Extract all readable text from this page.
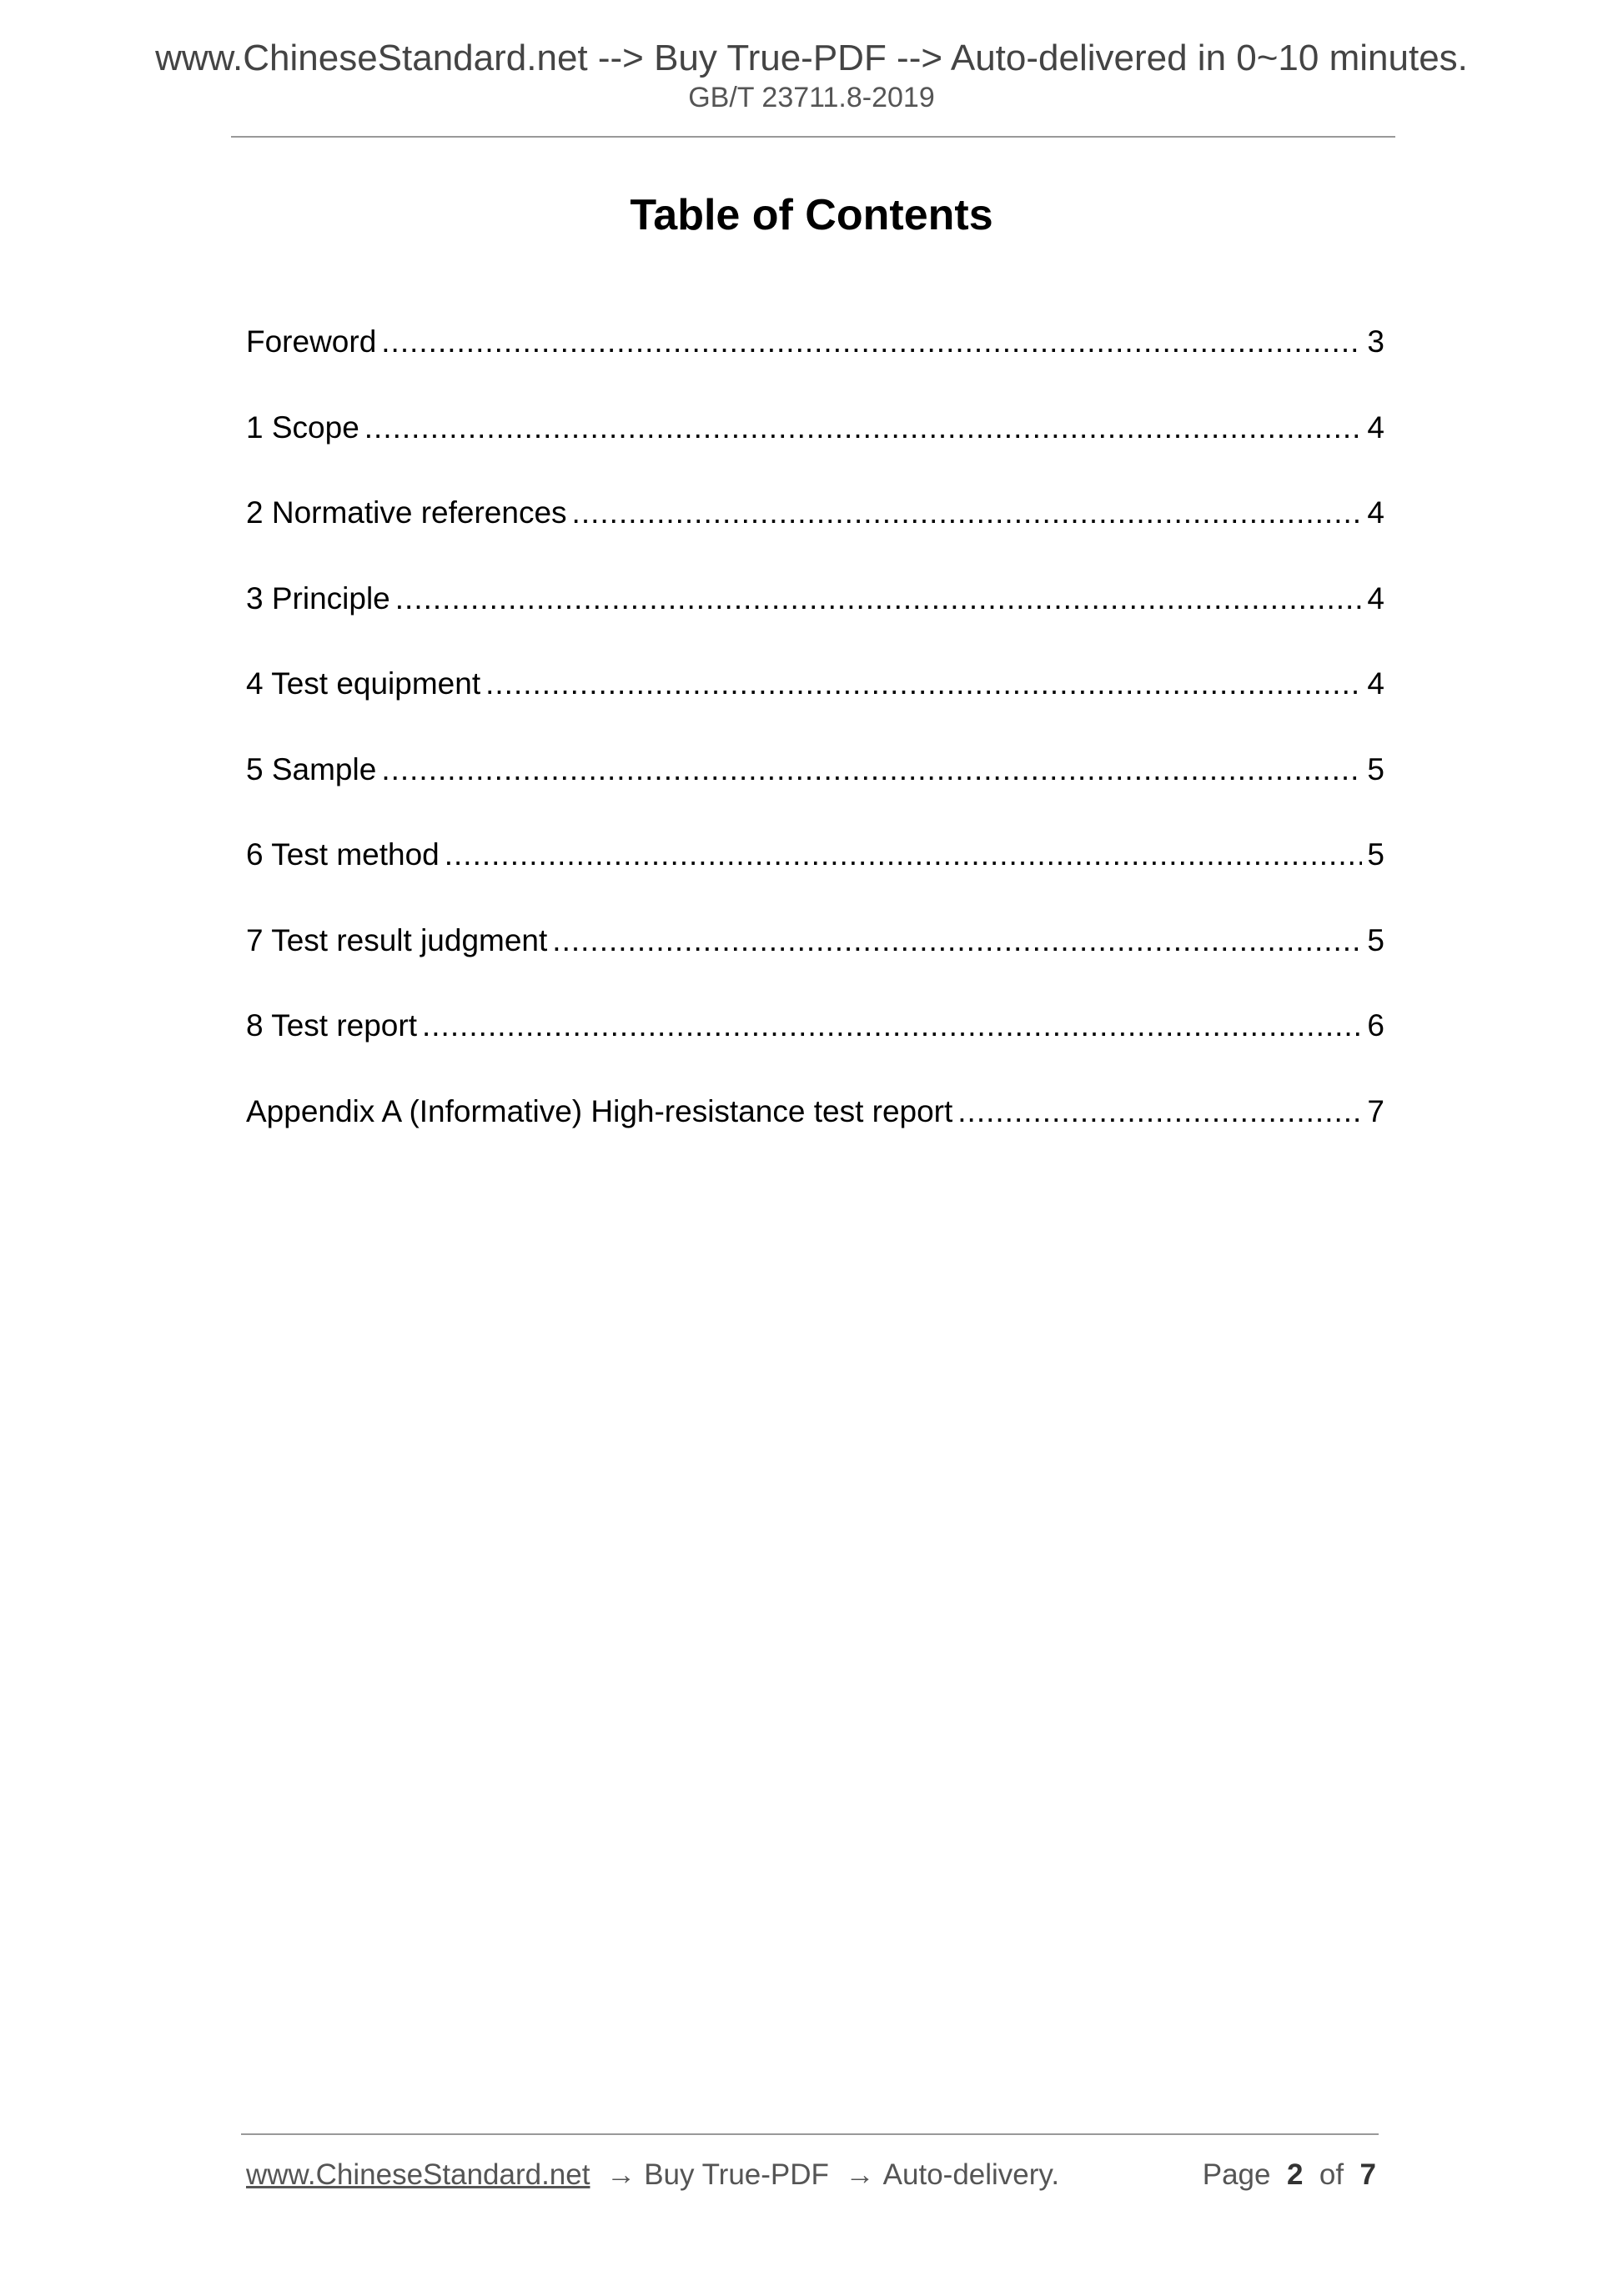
www.ChineseStandard.net --> Buy True-PDF --> Auto-delivered in 0~10 minutes.
GB/T 23711.8-2019
Table of Contents
Foreword .....	3
1 Scope .....	4
2 Normative references .....	4
3 Principle .....	4
4 Test equipment .....	4
5 Sample .....	5
6 Test method .....	5
7 Test result judgment .....	5
8 Test report .....	6
Appendix A (Informative) High-resistance test report .....	7
www.ChineseStandard.net → Buy True-PDF → Auto-delivery.	Page 2 of 7
